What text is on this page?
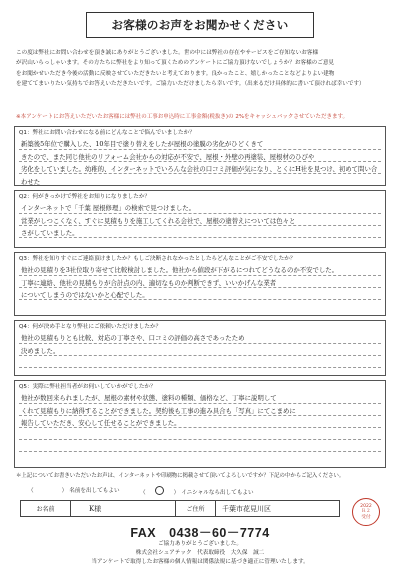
お客様のお声をお聞かせください

この度は弊社にお問い合わせを頂き誠にありがとうございました。世の中には弊社の存在やサービスをご存知ないお客様

が沢山いらっしゃいます。その方たちに弊社をより知って頂くためのアンケートにご協力頂けないでしょうか？お客様のご意見

をお聞かせいただき今後の活動に反映させていただきたいと考えております。良かったこと、嬉しかったことなどよりよい建物

を建ててまいりたい気持ちでお答えいただきたいです。ご協力いただけましたら幸いです。（出来るだけ具体的に書いて頂ければ幸いです）

※本アンケートにお答えいただいたお客様には弊社の工事お申込時に工事金額(税抜き)の 2%をキャッシュバックさせていただきます。
Q1：弊社にお問い合わせになる前にどんなことで悩んでいましたか？
新築後5年位で購入した、10年目で塗り替えをしたが屋根の塗膜の劣化がひどくきて
きたので、また同じ他社のリフォーム会社からの対応が不安で、屋根・外壁の再塗装、屋根材のひびや
劣化をしていました。幼稚的、インターネットでいろんな会社の口コミ評価が気になり、とくにH社を見つけ、初めて問い合わせた
Q2：何がきっかけで弊社をお知りになりましたか？
インターネットで「千葉 屋根修理」の検索で見つけました。
営業がしつこくなく、すぐに見積もりを施工してくれる会社で、屋根の塗替えについては色々と
さがしていました。
Q3：弊社を知りすぐにご連絡頂けましたか？もしご決断されなかったとしたらどんなことがご不安でしたか？
他社の見積りを3社位取り寄せて比較検討しました。他社から値段が下がるにつれてどうなるのか不安でした。
丁寧に連絡、他社の見積もりが合計点の内、適切なものか判断できず、いいかげんな業者
についてしまうのではないかと心配でした。
Q4：何が決め手となり弊社にご依頼いただけましたか？
他社の見積もりとも比較、対応の丁寧さや、口コミの評価の高さであったため
決めました。
Q5：実際に弊社担当者がお伺いしていかがでしたか？
他社が数回来られましたが、屋根の素材や状態、塗料の種類、価格など、丁寧に説明して
くれて見積もりに納得することができました。契約後も工事の進み具合も「写真」にてこまめに
報告していただき、安心して任せることができました。
＊上記についてお書きいただいたお声は、インターネットや印刷物に掲載させて頂いてよろしいですか？下記の中からご記入ください。
（	） 名前を出してもよい	（	） イニシャルなら出してもよい
お名前	K様	ご住所	千葉市花見川区	2022
Ｒ２
受付
FAX　0438－60－7774
ご協力ありがとうございました。
株式会社シュアテック　代表取締役　大久保　誠二
当アンケートで取得したお客様の個人情報は関係法規に基づき適正に管理いたします。
